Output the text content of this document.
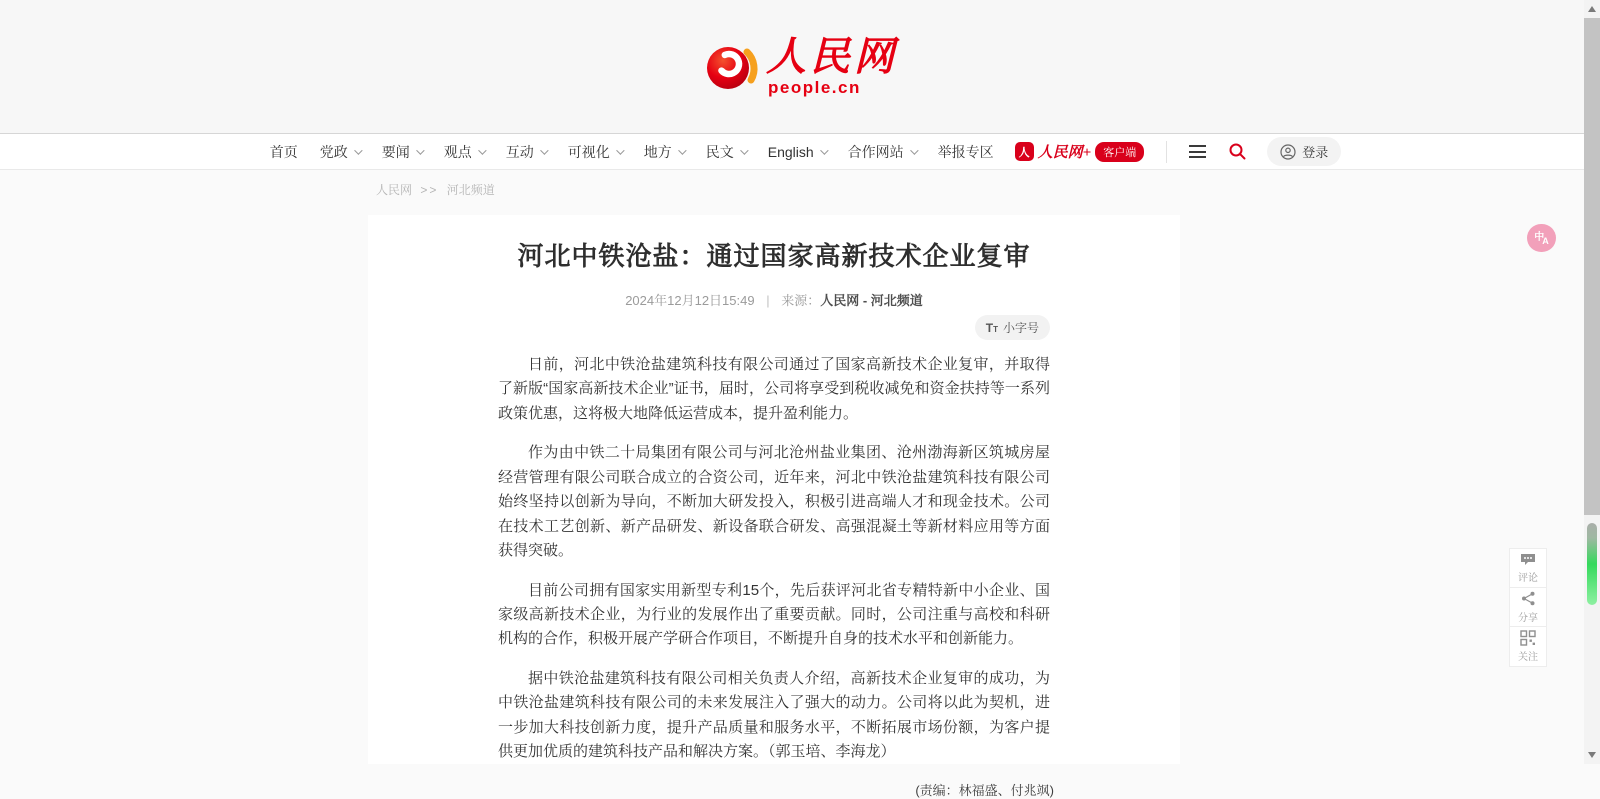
人民网
people.cn
首页 党政 要闻 观点 互动 可视化 地方 民文 English 合作网站 举报专区	人 人民网+	客户端	登录
人民网 >> 河北频道
河北中铁沧盐：通过国家高新技术企业复审
2024年12月12日15:49 | 来源：人民网 - 河北频道
TT 小字号

日前，河北中铁沧盐建筑科技有限公司通过了国家高新技术企业复审，并取得了新版“国家高新技术企业”证书，届时，公司将享受到税收减免和资金扶持等一系列政策优惠，这将极大地降低运营成本，提升盈利能力。

作为由中铁二十局集团有限公司与河北沧州盐业集团、沧州渤海新区筑城房屋经营管理有限公司联合成立的合资公司，近年来，河北中铁沧盐建筑科技有限公司始终坚持以创新为导向，不断加大研发投入，积极引进高端人才和现金技术。公司在技术工艺创新、新产品研发、新设备联合研发、高强混凝土等新材料应用等方面获得突破。

目前公司拥有国家实用新型专利15个，先后获评河北省专精特新中小企业、国家级高新技术企业，为行业的发展作出了重要贡献。同时，公司注重与高校和科研机构的合作，积极开展产学研合作项目，不断提升自身的技术水平和创新能力。

据中铁沧盐建筑科技有限公司相关负责人介绍，高新技术企业复审的成功，为中铁沧盐建筑科技有限公司的未来发展注入了强大的动力。公司将以此为契机，进一步加大科技创新力度，提升产品质量和服务水平，不断拓展市场份额，为客户提供更加优质的建筑科技产品和解决方案。（郭玉培、李海龙）

(责编：林福盛、付兆飒)
评论
分享
关注
中
A
